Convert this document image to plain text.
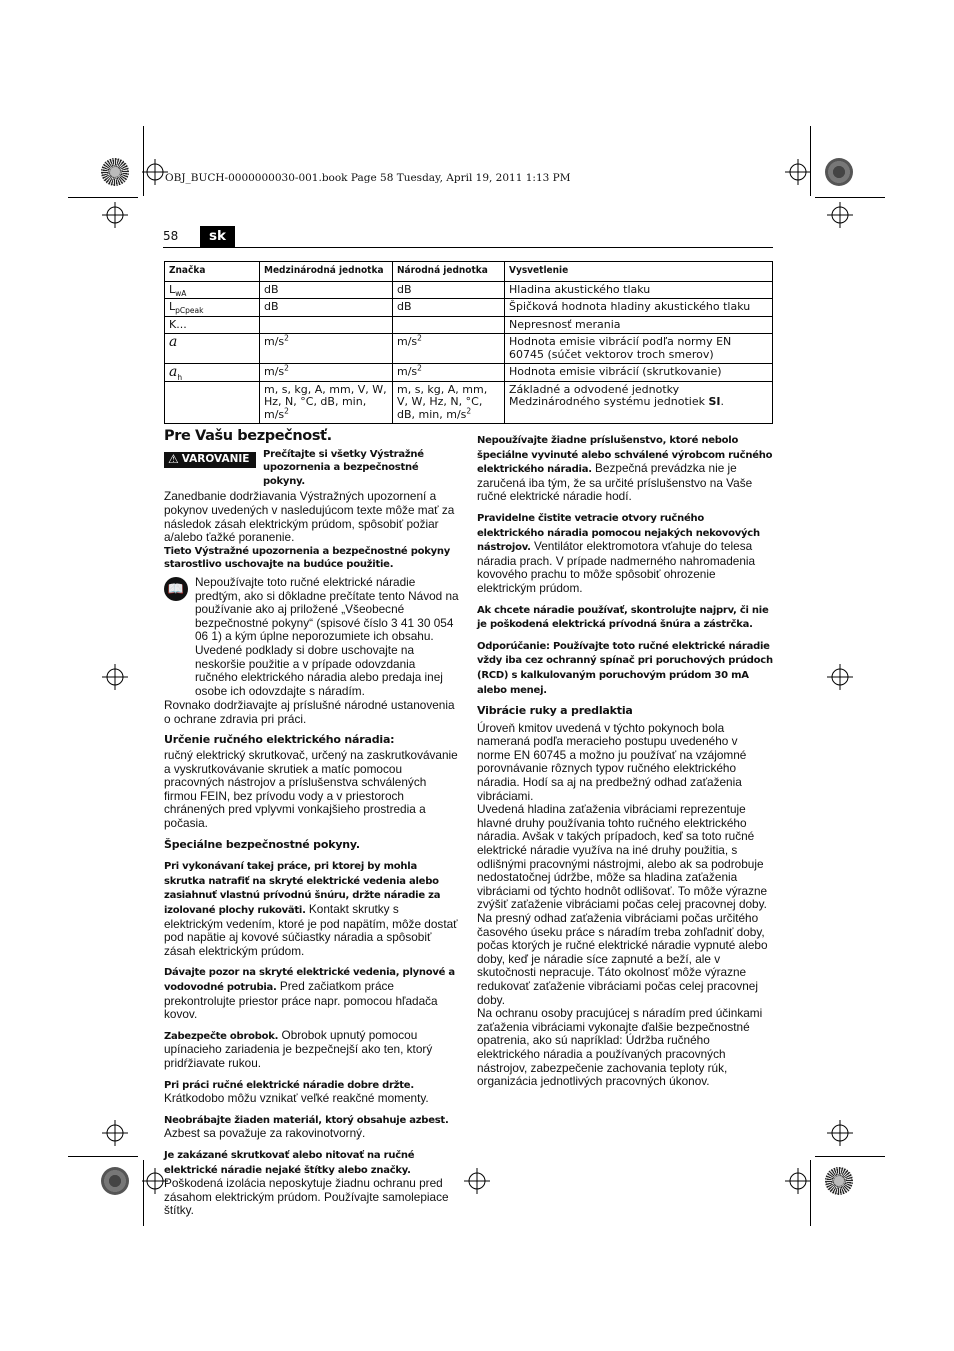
OBJ_BUCH-0000000030-001.book Page 58 Tuesday, April 19, 2011 1:13 PM
58	sk
Značka	Medzinárodná jednotka	Národná jednotka	Vysvetlenie
$L_{wA}$	dB	dB	Hladina akustického tlaku
$L_{pCpeak}$	dB	dB	Špičková hodnota hladiny akustického tlaku
K...			Nepresnosť merania
a	$m/s^2$	$m/s^2$	Hodnota emisie vibrácií podľa normy EN 60745 (súčet vektorov troch smerov)
$a_h$	$m/s^2$	$m/s^2$	Hodnota emisie vibrácií (skrutkovanie)
	m, s, kg, A, mm, V, W, Hz, N, °C, dB, min, $m/s^2$	m, s, kg, A, mm, V, W, Hz, N, °C, dB, min, $m/s^2$	Základné a odvodené jednotky Medzinárodného systému jednotiek SI.
Pre Vašu bezpečnosť.
⚠ VAROVANIE Prečítajte si všetky Výstražné upozornenia a bezpečnostné pokyny.

Zanedbanie dodržiavania Výstražných upozornení a pokynov uvedených v nasledujúcom texte môže mať za následok zásah elektrickým prúdom, spôsobiť požiar a/alebo ťažké poranenie.

Tieto Výstražné upozornenia a bezpečnostné pokyny starostlivo uschovajte na budúce použitie.

📖 Nepoužívajte toto ručné elektrické náradie predtým, ako si dôkladne prečítate tento Návod na používanie ako aj priložené „Všeobecné bezpečnostné pokyny“ (spisové číslo 3 41 30 054 06 1) a kým úplne neporozumiete ich obsahu. Uvedené podklady si dobre uschovajte na neskoršie použitie a v prípade odovzdania ručného elektrického náradia alebo predaja inej osobe ich odovzdajte s náradím.

Rovnako dodržiavajte aj príslušné národné ustanovenia o ochrane zdravia pri práci.

Určenie ručného elektrického náradia:

ručný elektrický skrutkovač, určený na zaskrutkovávanie a vyskrutkovávanie skrutiek a matíc pomocou pracovných nástrojov a príslušenstva schválených firmou FEIN, bez prívodu vody a v priestoroch chránených pred vplyvmi vonkajšieho prostredia a počasia.

Špeciálne bezpečnostné pokyny.

Pri vykonávaní takej práce, pri ktorej by mohla skrutka natrafiť na skryté elektrické vedenia alebo zasiahnuť vlastnú prívodnú šnúru, držte náradie za izolované plochy rukoväti. Kontakt skrutky s elektrickým vedením, ktoré je pod napätím, môže dostať pod napätie aj kovové súčiastky náradia a spôsobiť zásah elektrickým prúdom.

Dávajte pozor na skryté elektrické vedenia, plynové a vodovodné potrubia. Pred začiatkom práce prekontrolujte priestor práce napr. pomocou hľadača kovov.

Zabezpečte obrobok. Obrobok upnutý pomocou upínacieho zariadenia je bezpečnejší ako ten, ktorý pridŕžiavate rukou.

Pri práci ručné elektrické náradie dobre držte. Krátkodobo môžu vznikať veľké reakčné momenty.

Neobrábajte žiaden materiál, ktorý obsahuje azbest. Azbest sa považuje za rakovinotvorný.

Je zakázané skrutkovať alebo nitovať na ručné elektrické náradie nejaké štítky alebo značky. Poškodená izolácia neposkytuje žiadnu ochranu pred zásahom elektrickým prúdom. Používajte samolepiace štítky.

Nepoužívajte žiadne príslušenstvo, ktoré nebolo špeciálne vyvinuté alebo schválené výrobcom ručného elektrického náradia. Bezpečná prevádzka nie je zaručená iba tým, že sa určité príslušenstvo na Vaše ručné elektrické náradie hodí.

Pravidelne čistite vetracie otvory ručného elektrického náradia pomocou nejakých nekovových nástrojov. Ventilátor elektromotora vťahuje do telesa náradia prach. V prípade nadmerného nahromadenia kovového prachu to môže spôsobiť ohrozenie elektrickým prúdom.

Ak chcete náradie používať, skontrolujte najprv, či nie je poškodená elektrická prívodná šnúra a zástrčka.

Odporúčanie: Používajte toto ručné elektrické náradie vždy iba cez ochranný spínač pri poruchových prúdoch (RCD) s kalkulovaným poruchovým prúdom 30 mA alebo menej.

Vibrácie ruky a predlaktia

Úroveň kmitov uvedená v týchto pokynoch bola nameraná podľa meracieho postupu uvedeného v norme EN 60745 a možno ju používať na vzájomné porovnávanie rôznych typov ručného elektrického náradia. Hodí sa aj na predbežný odhad zaťaženia vibráciami.

Uvedená hladina zaťaženia vibráciami reprezentuje hlavné druhy používania tohto ručného elektrického náradia. Avšak v takých prípadoch, keď sa toto ručné elektrické náradie využíva na iné druhy použitia, s odlišnými pracovnými nástrojmi, alebo ak sa podrobuje nedostatočnej údržbe, môže sa hladina zaťaženia vibráciami od týchto hodnôt odlišovať. To môže výrazne zvýšiť zaťaženie vibráciami počas celej pracovnej doby.

Na presný odhad zaťaženia vibráciami počas určitého časového úseku práce s náradím treba zohľadniť doby, počas ktorých je ručné elektrické náradie vypnuté alebo doby, keď je náradie síce zapnuté a beží, ale v skutočnosti nepracuje. Táto okolnosť môže výrazne redukovať zaťaženie vibráciami počas celej pracovnej doby.

Na ochranu osoby pracujúcej s náradím pred účinkami zaťaženia vibráciami vykonajte ďalšie bezpečnostné opatrenia, ako sú napríklad: Údržba ručného elektrického náradia a používaných pracovných nástrojov, zabezpečenie zachovania teploty rúk, organizácia jednotlivých pracovných úkonov.
